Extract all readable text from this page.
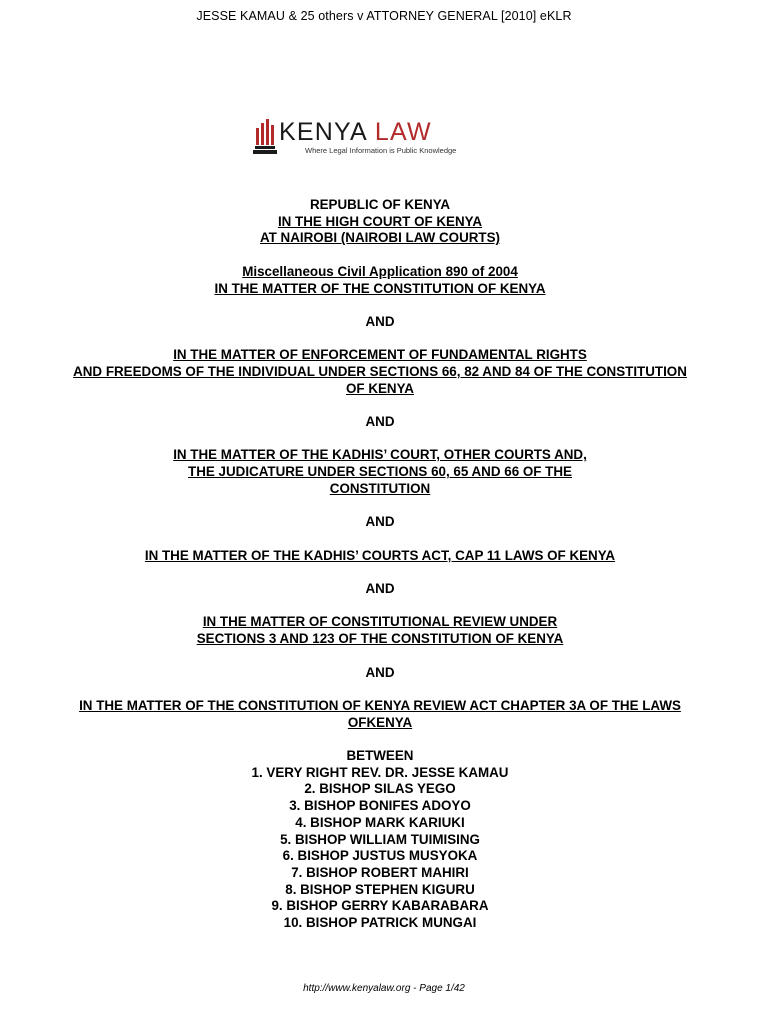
JESSE KAMAU & 25 others v ATTORNEY GENERAL [2010] eKLR
KENYA LAW
Where Legal Information is Public Knowledge
REPUBLIC OF KENYA
IN THE HIGH COURT OF KENYA
AT NAIROBI (NAIROBI LAW COURTS)
Miscellaneous Civil Application 890 of 2004
IN THE MATTER OF THE CONSTITUTION OF KENYA
AND
IN THE MATTER OF ENFORCEMENT OF FUNDAMENTAL RIGHTS
AND FREEDOMS OF THE INDIVIDUAL UNDER SECTIONS 66, 82 AND 84 OF THE CONSTITUTION
OF KENYA
AND
IN THE MATTER OF THE KADHIS’ COURT, OTHER COURTS AND,
THE JUDICATURE UNDER SECTIONS 60, 65 AND 66 OF THE
CONSTITUTION
AND
IN THE MATTER OF THE KADHIS’ COURTS ACT, CAP 11 LAWS OF KENYA
AND
IN THE MATTER OF CONSTITUTIONAL REVIEW UNDER
SECTIONS 3 AND 123 OF THE CONSTITUTION OF KENYA
AND
IN THE MATTER OF THE CONSTITUTION OF KENYA REVIEW ACT CHAPTER 3A OF THE LAWS
OFKENYA
BETWEEN
1. VERY RIGHT REV. DR. JESSE KAMAU
2. BISHOP SILAS YEGO
3. BISHOP BONIFES ADOYO
4. BISHOP MARK KARIUKI
5. BISHOP WILLIAM TUIMISING
6. BISHOP JUSTUS MUSYOKA
7. BISHOP ROBERT MAHIRI
8. BISHOP STEPHEN KIGURU
9. BISHOP GERRY KABARABARA
10. BISHOP PATRICK MUNGAI
http://www.kenyalaw.org - Page 1/42
